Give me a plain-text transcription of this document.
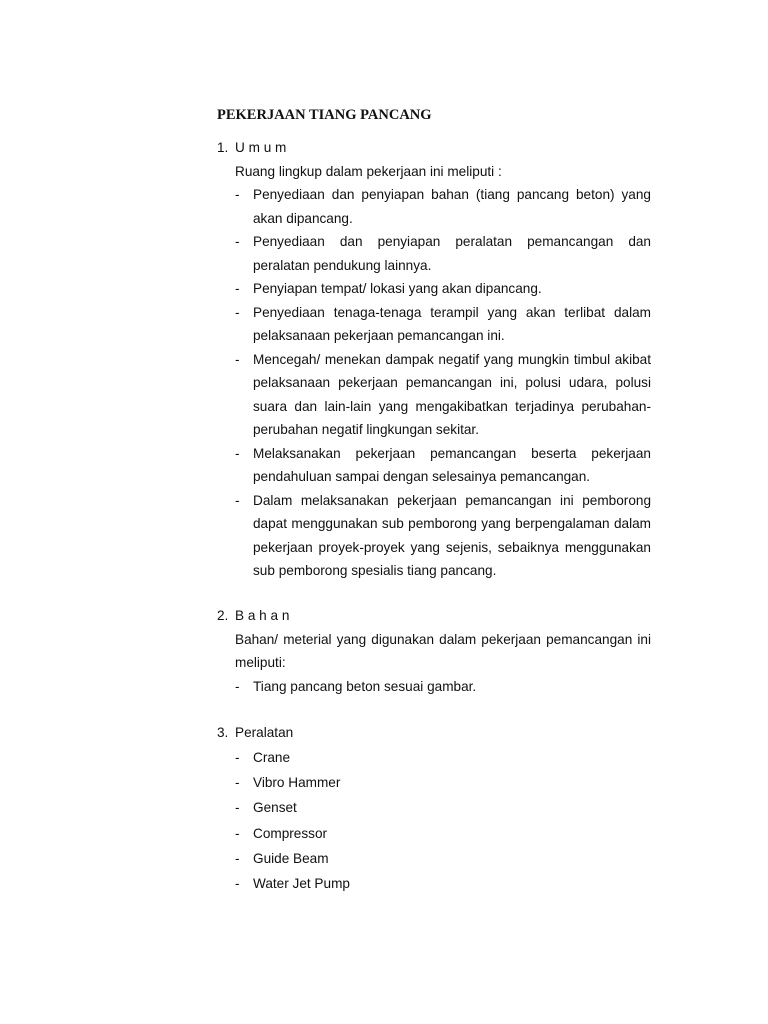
PEKERJAAN TIANG PANCANG
1. U m u m
Ruang lingkup dalam pekerjaan ini meliputi :
- Penyediaan dan penyiapan bahan (tiang pancang beton) yang akan dipancang.
- Penyediaan dan penyiapan peralatan pemancangan dan peralatan pendukung lainnya.
- Penyiapan tempat/ lokasi yang akan dipancang.
- Penyediaan tenaga-tenaga terampil yang akan terlibat dalam pelaksanaan pekerjaan pemancangan ini.
- Mencegah/ menekan dampak negatif yang mungkin timbul akibat pelaksanaan pekerjaan pemancangan ini, polusi udara, polusi suara dan lain-lain yang mengakibatkan terjadinya perubahan-perubahan negatif lingkungan sekitar.
- Melaksanakan pekerjaan pemancangan beserta pekerjaan pendahuluan sampai dengan selesainya pemancangan.
- Dalam melaksanakan pekerjaan pemancangan ini pemborong dapat menggunakan sub pemborong yang berpengalaman dalam pekerjaan proyek-proyek yang sejenis, sebaiknya menggunakan sub pemborong spesialis tiang pancang.
2. B a h a n
Bahan/ meterial yang digunakan dalam pekerjaan pemancangan ini meliputi:
- Tiang pancang beton sesuai gambar.
3. Peralatan
- Crane
- Vibro Hammer
- Genset
- Compressor
- Guide Beam
- Water Jet Pump
